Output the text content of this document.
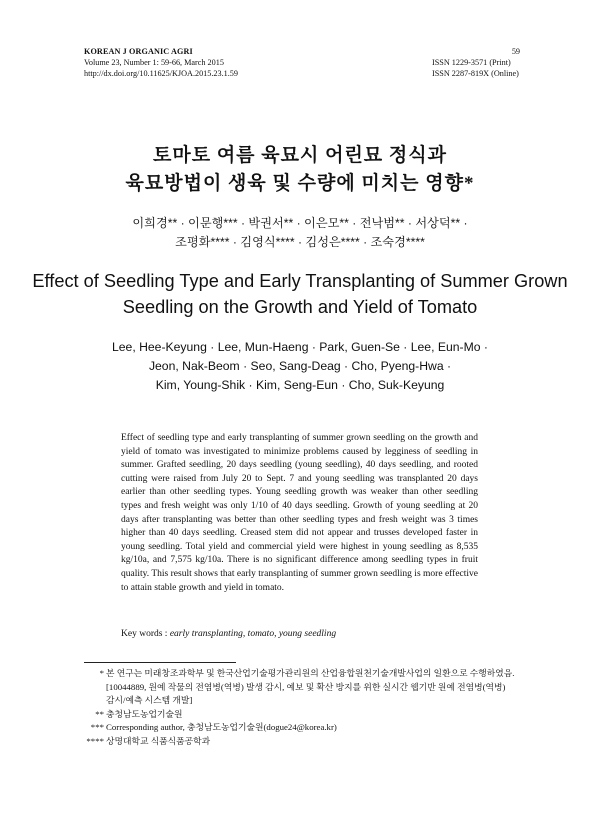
KOREAN J ORGANIC AGRI
Volume 23, Number 1: 59-66, March 2015
http://dx.doi.org/10.11625/KJOA.2015.23.1.59
59
ISSN 1229-3571 (Print)
ISSN 2287-819X (Online)
토마토 여름 육묘시 어린묘 정식과
육묘방법이 생육 및 수량에 미치는 영향*
이희경** · 이문행*** · 박권서** · 이은모** · 전낙범** · 서상덕** ·
조평화**** · 김영식**** · 김성은**** · 조숙경****
Effect of Seedling Type and Early Transplanting of Summer Grown
Seedling on the Growth and Yield of Tomato
Lee, Hee-Keyung · Lee, Mun-Haeng · Park, Guen-Se · Lee, Eun-Mo ·
Jeon, Nak-Beom · Seo, Sang-Deag · Cho, Pyeng-Hwa ·
Kim, Young-Shik · Kim, Seng-Eun · Cho, Suk-Keyung
Effect of seedling type and early transplanting of summer grown seedling on the growth and yield of tomato was investigated to minimize problems caused by legginess of seedling in summer. Grafted seedling, 20 days seedling (young seedling), 40 days seedling, and rooted cutting were raised from July 20 to Sept. 7 and young seedling was transplanted 20 days earlier than other seedling types. Young seedling growth was weaker than other seedling types and fresh weight was only 1/10 of 40 days seedling. Growth of young seedling at 20 days after transplanting was better than other seedling types and fresh weight was 3 times higher than 40 days seedling. Creased stem did not appear and trusses developed faster in young seedling. Total yield and commercial yield were highest in young seedling as 8,535 kg/10a, and 7,575 kg/10a. There is no significant difference among seedling types in fruit quality. This result shows that early transplanting of summer grown seedling is more effective to attain stable growth and yield in tomato.
Key words : early transplanting, tomato, young seedling
* 본 연구는 미래창조과학부 및 한국산업기술평가관리원의 산업융합원천기술개발사업의 일환으로 수행하였음. [10044889, 원예 작물의 전염병(역병) 발생 감시, 예보 및 확산 방지를 위한 실시간 웹기반 원예 전염병(역병) 감시/예측 시스템 개발]
** 충청남도농업기술원
*** Corresponding author, 충청남도농업기술원(dogue24@korea.kr)
**** 상명대학교 식품식품공학과
